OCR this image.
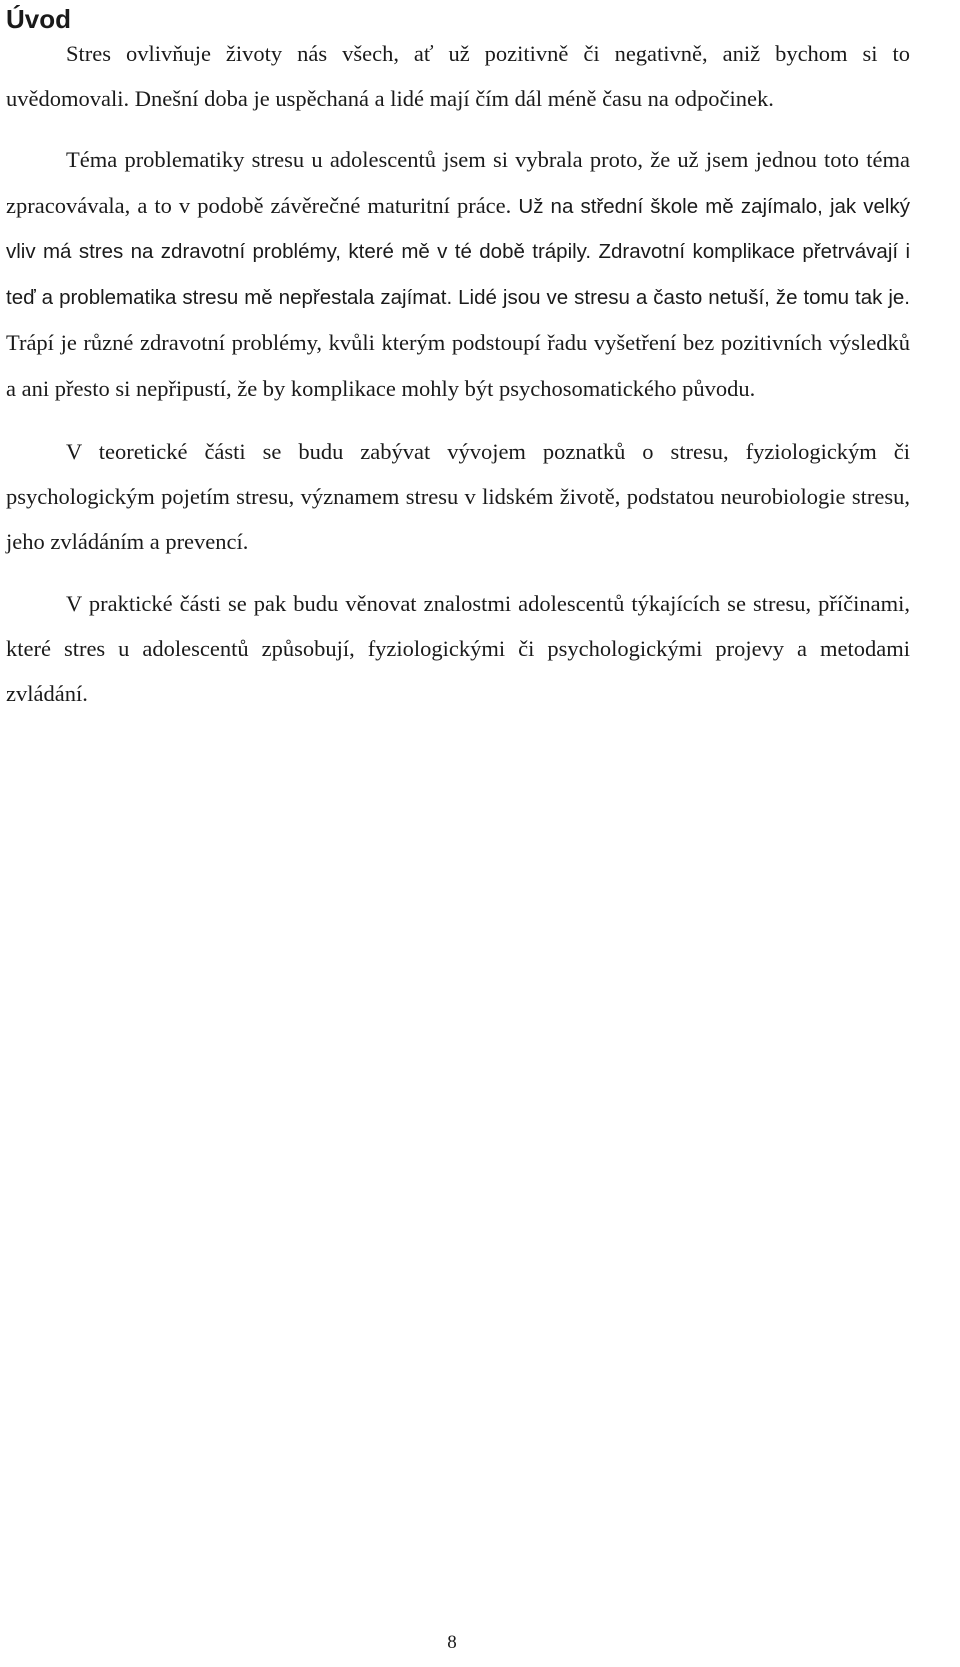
Úvod

Stres ovlivňuje životy nás všech, ať už pozitivně či negativně, aniž bychom si to uvědomovali. Dnešní doba je uspěchaná a lidé mají čím dál méně času na odpočinek.

Téma problematiky stresu u adolescentů jsem si vybrala proto, že už jsem jednou toto téma zpracovávala, a to v podobě závěrečné maturitní práce. Už na střední škole mě zajímalo, jak velký vliv má stres na zdravotní problémy, které mě v té době trápily. Zdravotní komplikace přetrvávají i teď a problematika stresu mě nepřestala zajímat. Lidé jsou ve stresu a často netuší, že tomu tak je. Trápí je různé zdravotní problémy, kvůli kterým podstoupí řadu vyšetření bez pozitivních výsledků a ani přesto si nepřipustí, že by komplikace mohly být psychosomatického původu.

V teoretické části se budu zabývat vývojem poznatků o stresu, fyziologickým či psychologickým pojetím stresu, významem stresu v lidském životě, podstatou neurobiologie stresu, jeho zvládáním a prevencí.

V praktické části se pak budu věnovat znalostmi adolescentů týkajících se stresu, příčinami, které stres u adolescentů způsobují, fyziologickými či psychologickými projevy a metodami zvládání.

8
